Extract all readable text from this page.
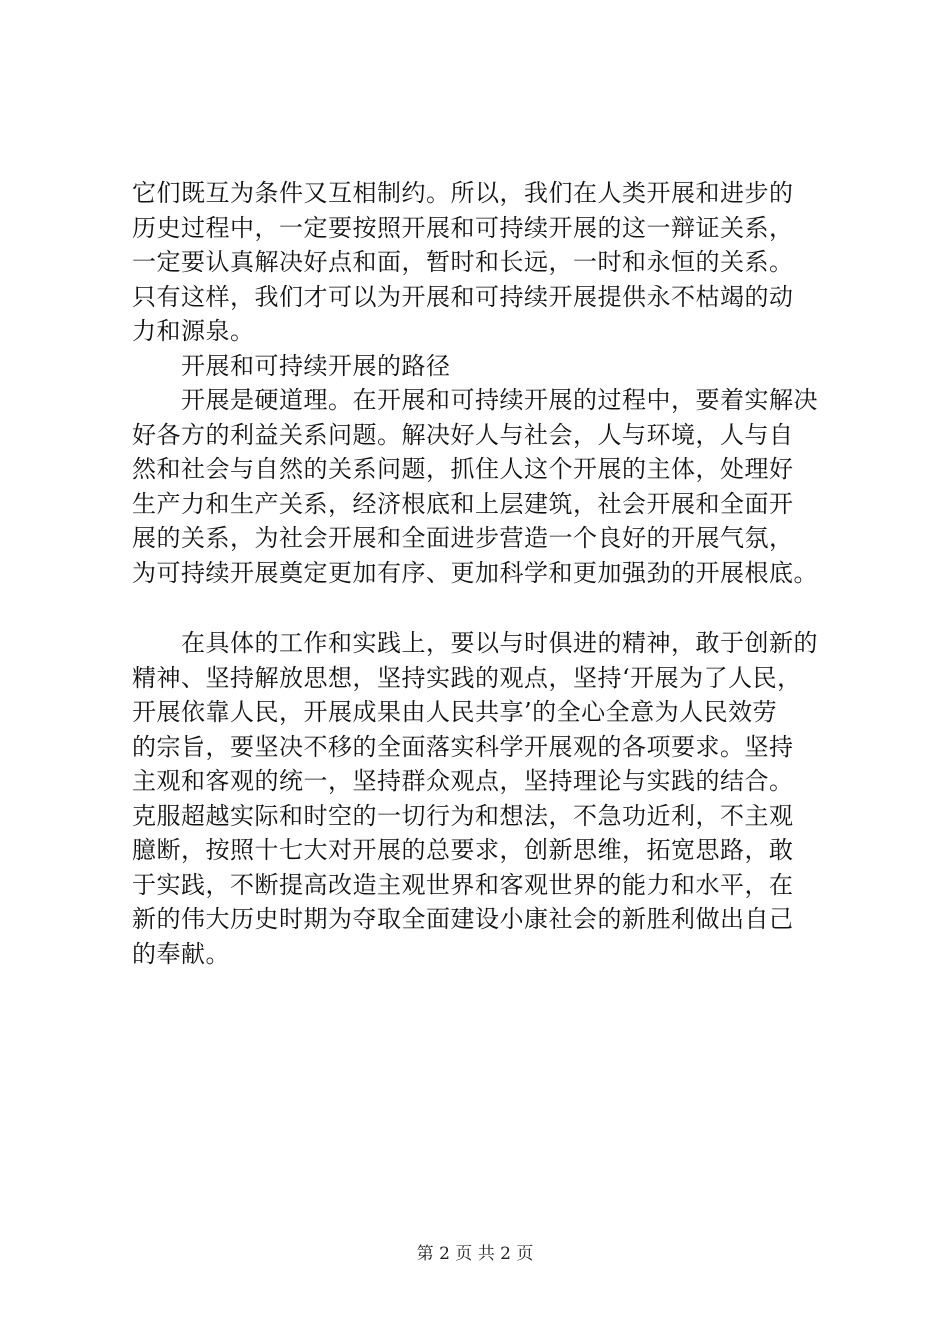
它们既互为条件又互相制约。所以，我们在人类开展和进步的
历史过程中，一定要按照开展和可持续开展的这一辩证关系，
一定要认真解决好点和面，暂时和长远，一时和永恒的关系。
只有这样，我们才可以为开展和可持续开展提供永不枯竭的动
力和源泉。
开展和可持续开展的路径
开展是硬道理。在开展和可持续开展的过程中，要着实解决
好各方的利益关系问题。解决好人与社会，人与环境，人与自
然和社会与自然的关系问题，抓住人这个开展的主体，处理好
生产力和生产关系，经济根底和上层建筑，社会开展和全面开
展的关系，为社会开展和全面进步营造一个良好的开展气氛，
为可持续开展奠定更加有序、更加科学和更加强劲的开展根底。
在具体的工作和实践上，要以与时俱进的精神，敢于创新的
精神、坚持解放思想，坚持实践的观点，坚持‘开展为了人民，
开展依靠人民，开展成果由人民共享’的全心全意为人民效劳
的宗旨，要坚决不移的全面落实科学开展观的各项要求。坚持
主观和客观的统一，坚持群众观点，坚持理论与实践的结合。
克服超越实际和时空的一切行为和想法，不急功近利，不主观
臆断，按照十七大对开展的总要求，创新思维，拓宽思路，敢
于实践，不断提高改造主观世界和客观世界的能力和水平，在
新的伟大历史时期为夺取全面建设小康社会的新胜利做出自己
的奉献。
第 2 页 共 2 页
